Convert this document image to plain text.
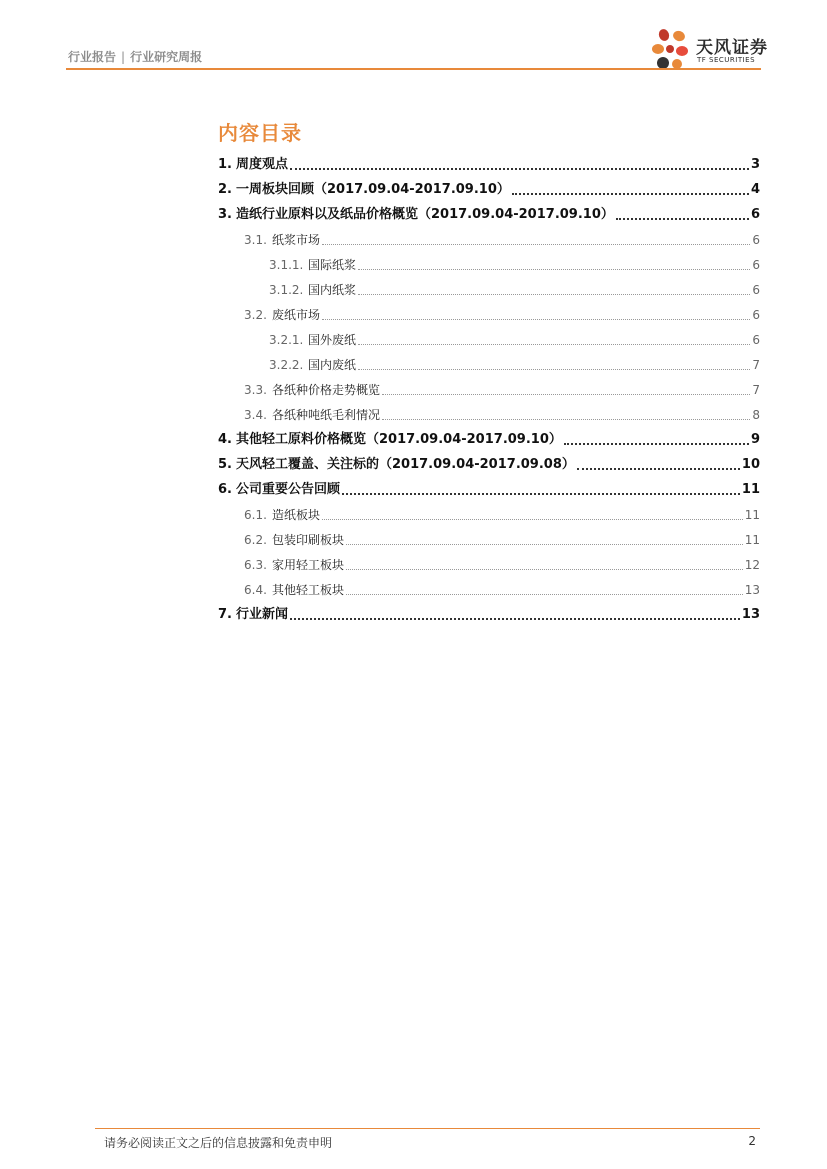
行业报告 | 行业研究周报	天风证券
TF SECURITIES
内容目录
1. 周度观点	3
2. 一周板块回顾（2017.09.04-2017.09.10）	4
3. 造纸行业原料以及纸品价格概览（2017.09.04-2017.09.10）	6
3.1. 纸浆市场	6
3.1.1. 国际纸浆	6
3.1.2. 国内纸浆	6
3.2. 废纸市场	6
3.2.1. 国外废纸	6
3.2.2. 国内废纸	7
3.3. 各纸种价格走势概览	7
3.4. 各纸种吨纸毛利情况	8
4. 其他轻工原料价格概览（2017.09.04-2017.09.10）	9
5. 天风轻工覆盖、关注标的（2017.09.04-2017.09.08）	10
6. 公司重要公告回顾	11
6.1. 造纸板块	11
6.2. 包装印刷板块	11
6.3. 家用轻工板块	12
6.4. 其他轻工板块	13
7. 行业新闻	13
请务必阅读正文之后的信息披露和免责申明	2
